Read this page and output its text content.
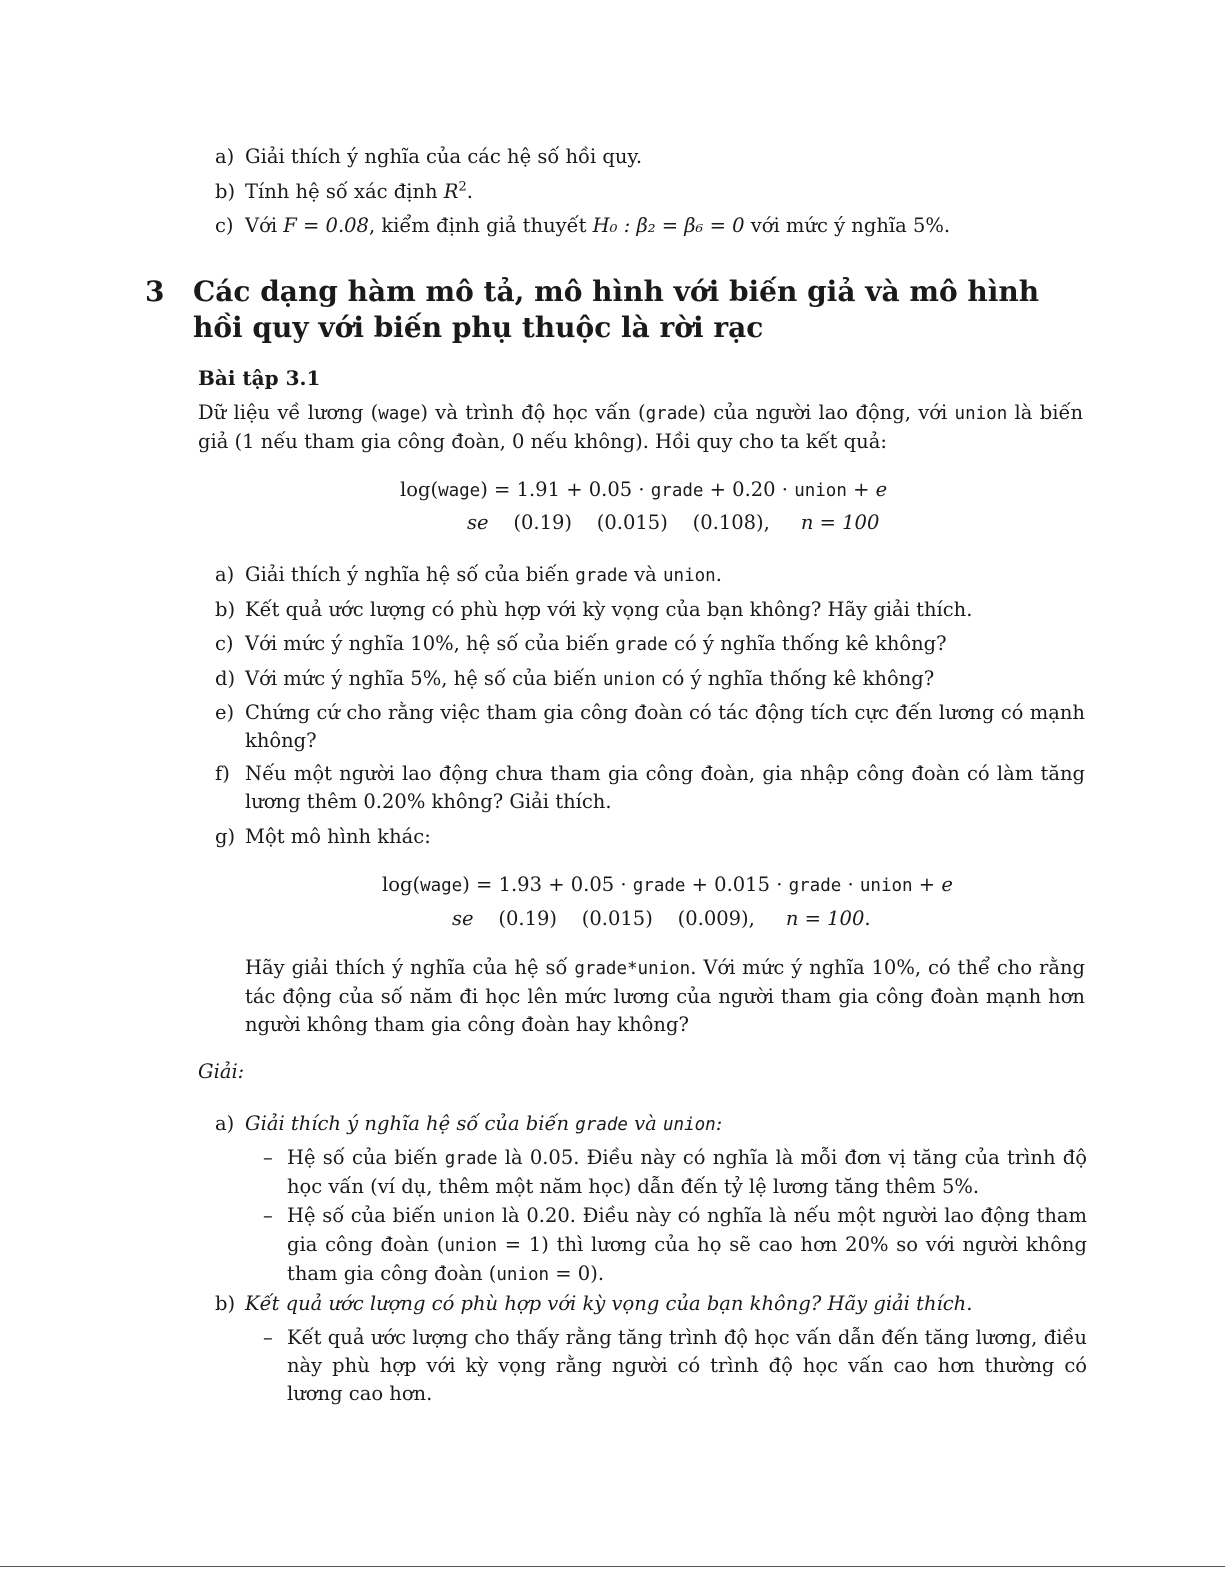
a) Giải thích ý nghĩa của các hệ số hồi quy.
b) Tính hệ số xác định $R^2$.
c) Với F = 0.08, kiểm định giả thuyết H₀ : β₂ = β₆ = 0 với mức ý nghĩa 5%.
3 Các dạng hàm mô tả, mô hình với biến giả và mô hình hồi quy với biến phụ thuộc là rời rạc
Bài tập 3.1
Dữ liệu về lương (wage) và trình độ học vấn (grade) của người lao động, với union là biến giả (1 nếu tham gia công đoàn, 0 nếu không). Hồi quy cho ta kết quả:
log(wage) = 1.91 + 0.05 · grade + 0.20 · union + e
se (0.19)    (0.015)    (0.108),     n = 100
a) Giải thích ý nghĩa hệ số của biến grade và union.
b) Kết quả ước lượng có phù hợp với kỳ vọng của bạn không? Hãy giải thích.
c) Với mức ý nghĩa 10%, hệ số của biến grade có ý nghĩa thống kê không?
d) Với mức ý nghĩa 5%, hệ số của biến union có ý nghĩa thống kê không?
e) Chứng cứ cho rằng việc tham gia công đoàn có tác động tích cực đến lương có mạnh không?
f) Nếu một người lao động chưa tham gia công đoàn, gia nhập công đoàn có làm tăng lương thêm 0.20% không? Giải thích.
g) Một mô hình khác:
log(wage) = 1.93 + 0.05 · grade + 0.015 · grade · union + e
se (0.19)    (0.015)    (0.009),     n = 100.
Hãy giải thích ý nghĩa của hệ số grade*union. Với mức ý nghĩa 10%, có thể cho rằng tác động của số năm đi học lên mức lương của người tham gia công đoàn mạnh hơn người không tham gia công đoàn hay không?
Giải:
a) Giải thích ý nghĩa hệ số của biến grade và union:
– Hệ số của biến grade là 0.05. Điều này có nghĩa là mỗi đơn vị tăng của trình độ học vấn (ví dụ, thêm một năm học) dẫn đến tỷ lệ lương tăng thêm 5%.
– Hệ số của biến union là 0.20. Điều này có nghĩa là nếu một người lao động tham gia công đoàn (union = 1) thì lương của họ sẽ cao hơn 20% so với người không tham gia công đoàn (union = 0).
b) Kết quả ước lượng có phù hợp với kỳ vọng của bạn không? Hãy giải thích.
– Kết quả ước lượng cho thấy rằng tăng trình độ học vấn dẫn đến tăng lương, điều này phù hợp với kỳ vọng rằng người có trình độ học vấn cao hơn thường có lương cao hơn.
